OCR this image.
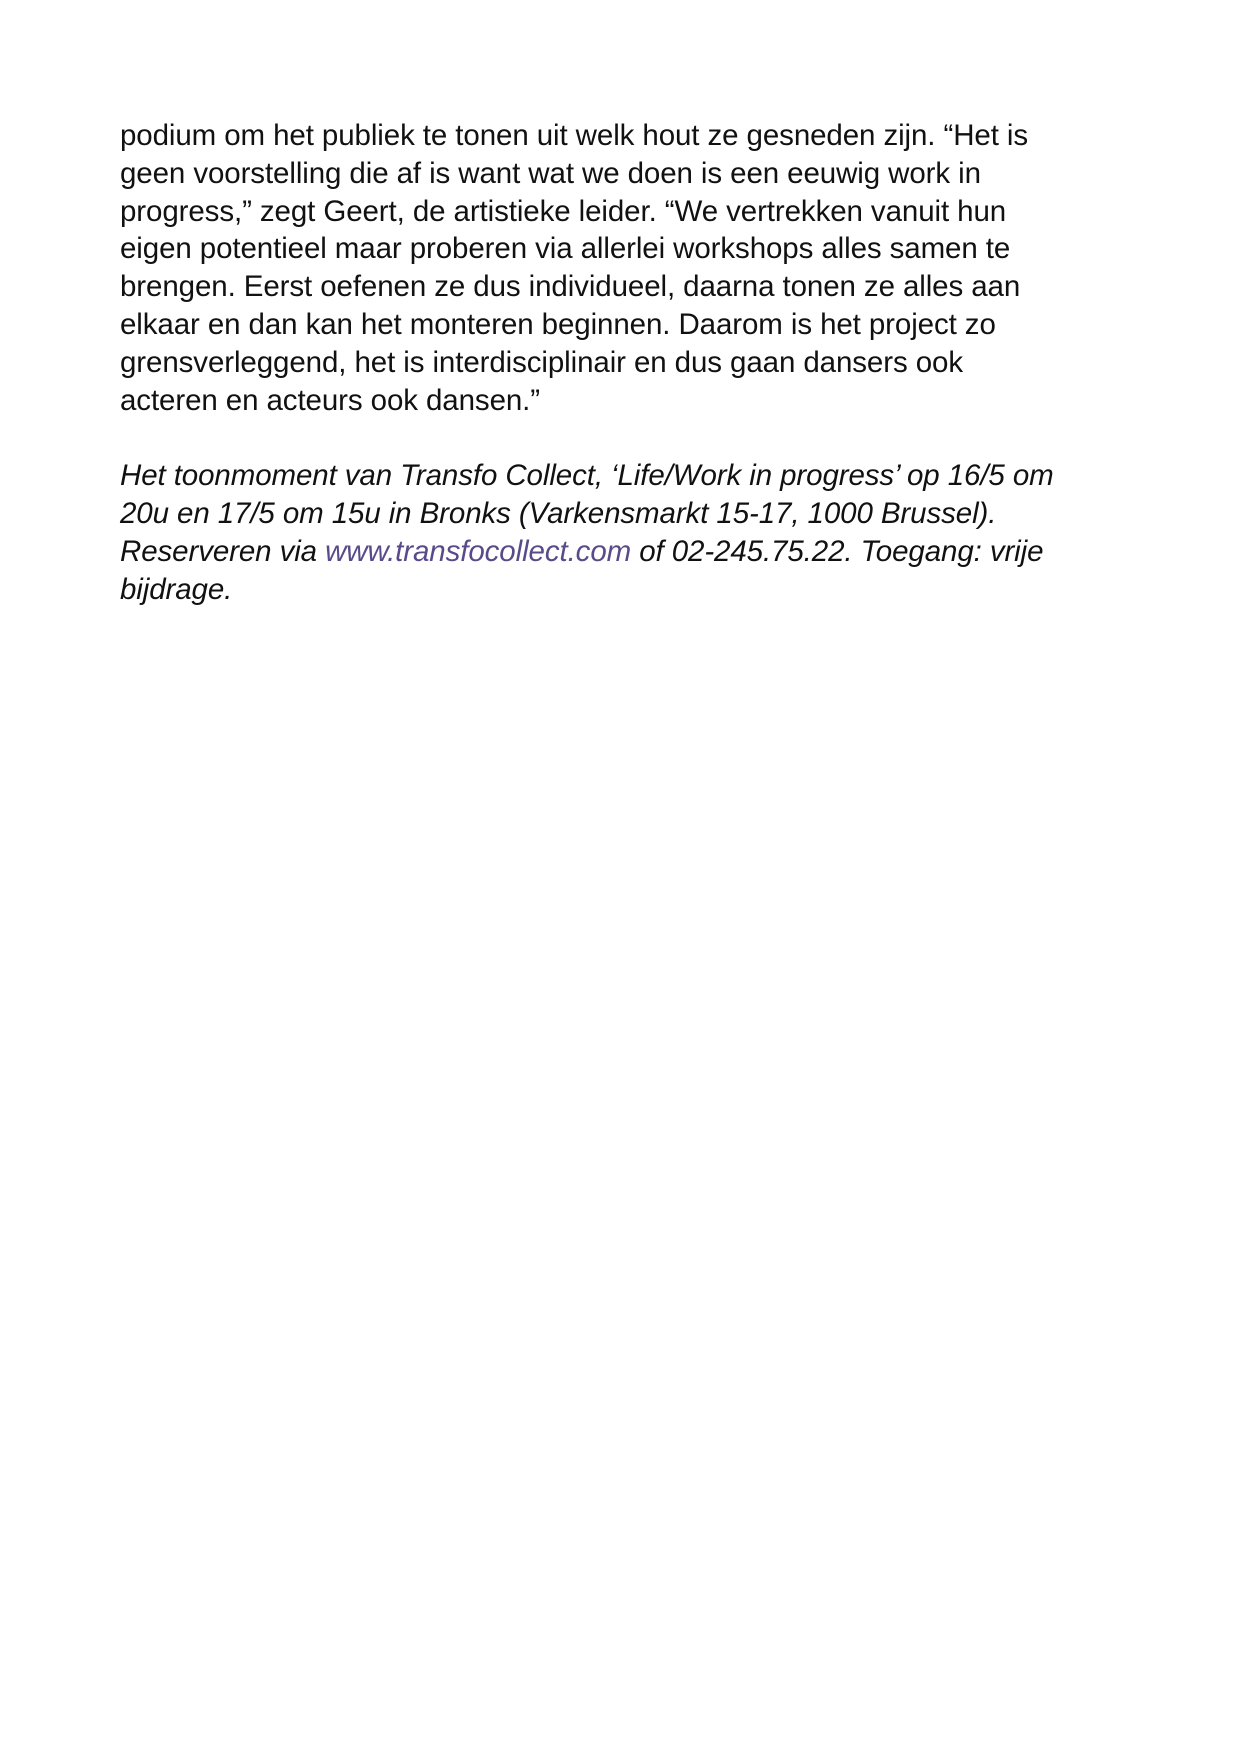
podium om het publiek te tonen uit welk hout ze gesneden zijn. “Het is
geen voorstelling die af is want wat we doen is een eeuwig work in
progress,” zegt Geert, de artistieke leider. “We vertrekken vanuit hun
eigen potentieel maar proberen via allerlei workshops alles samen te
brengen. Eerst oefenen ze dus individueel, daarna tonen ze alles aan
elkaar en dan kan het monteren beginnen. Daarom is het project zo
grensverleggend, het is interdisciplinair en dus gaan dansers ook
acteren en acteurs ook dansen.”

Het toonmoment van Transfo Collect, ‘Life/Work in progress’ op 16/5 om
20u en 17/5 om 15u in Bronks (Varkensmarkt 15-17, 1000 Brussel).
Reserveren via www.transfocollect.com of 02-245.75.22. Toegang: vrije
bijdrage.
